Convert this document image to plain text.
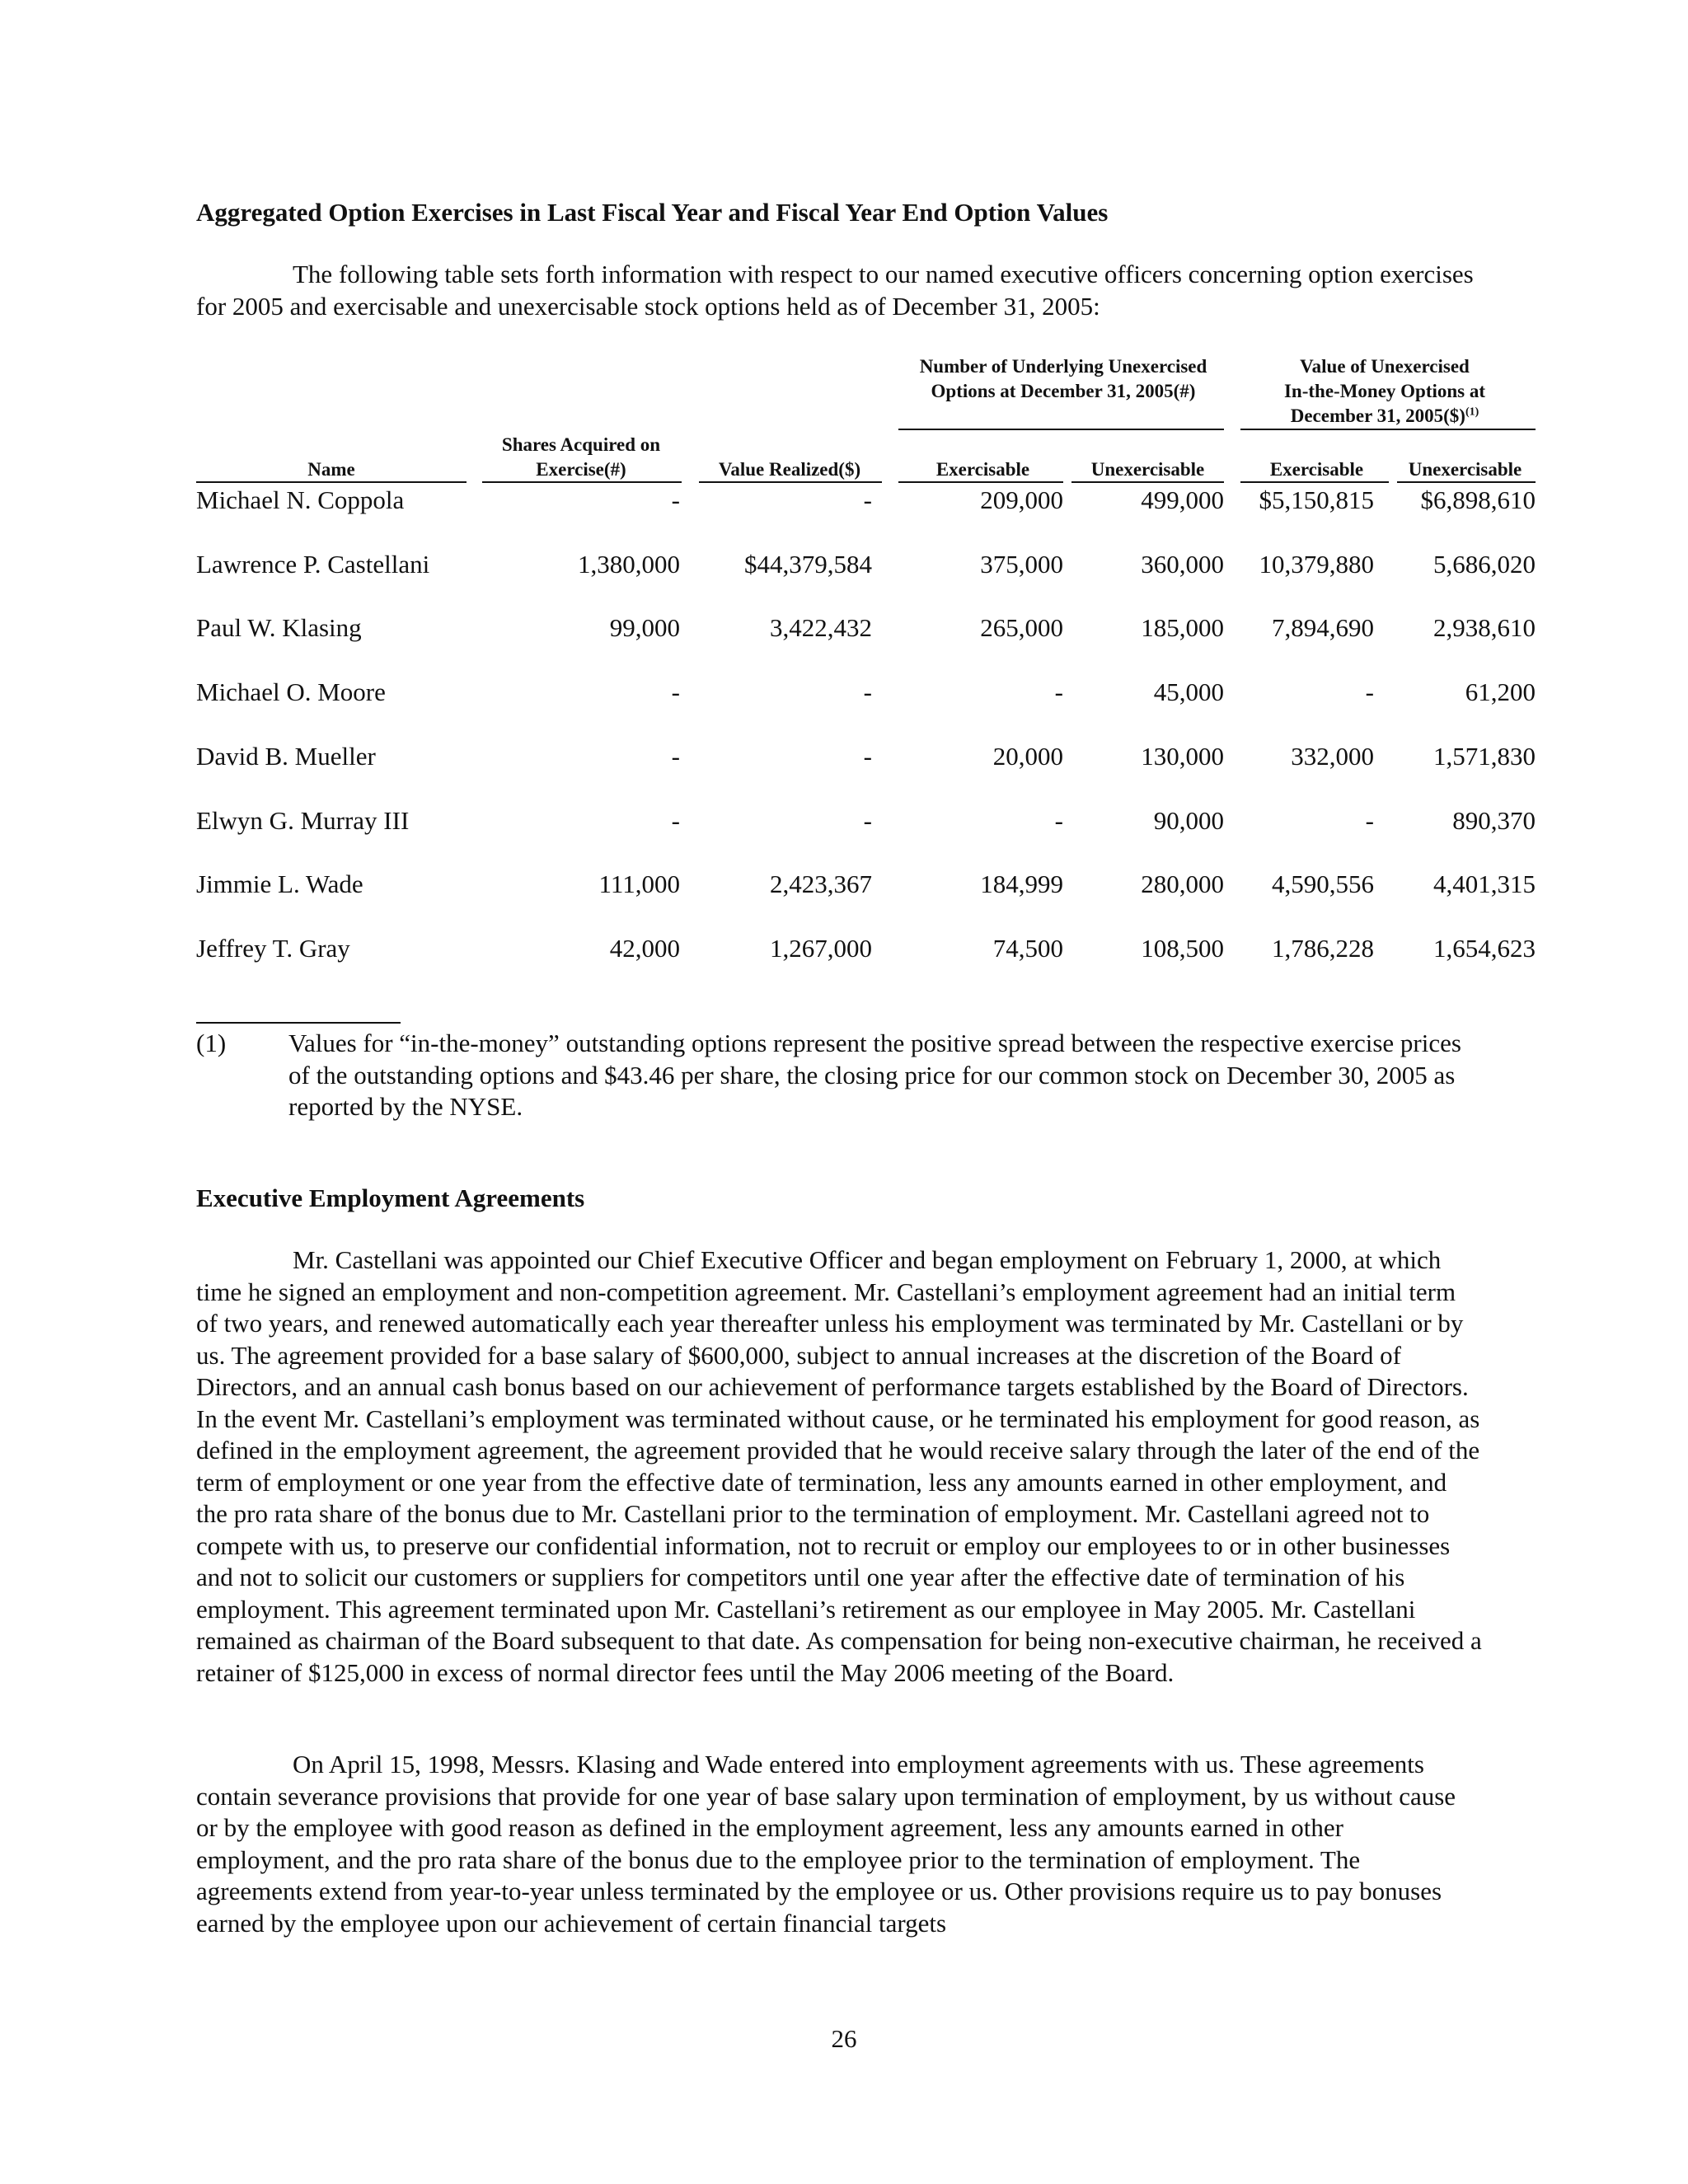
Aggregated Option Exercises in Last Fiscal Year and Fiscal Year End Option Values

The following table sets forth information with respect to our named executive officers concerning option exercises for 2005 and exercisable and unexercisable stock options held as of December 31, 2005:

Number of Underlying Unexercised Options at December 31, 2005(#)
Value of Unexercised
In-the-Money Options at
December 31, 2005($)$^{(1)}$
Name
Shares Acquired on
Exercise(#)	Value Realized($)	Exercisable	Unexercisable	Exercisable	Unexercisable
Michael N. Coppola	-	-	209,000	499,000	$5,150,815	$6,898,610
Lawrence P. Castellani	1,380,000	$44,379,584	375,000	360,000	10,379,880	5,686,020
Paul W. Klasing	99,000	3,422,432	265,000	185,000	7,894,690	2,938,610
Michael O. Moore	-	-	-	45,000	-	61,200
David B. Mueller	-	-	20,000	130,000	332,000	1,571,830
Elwyn G. Murray III	-	-	-	90,000	-	890,370
Jimmie L. Wade	111,000	2,423,367	184,999	280,000	4,590,556	4,401,315
Jeffrey T. Gray	42,000	1,267,000	74,500	108,500	1,786,228	1,654,623
(1) Values for “in-the-money” outstanding options represent the positive spread between the respective exercise prices of the outstanding options and $43.46 per share, the closing price for our common stock on December 30, 2005 as reported by the NYSE.

Executive Employment Agreements

Mr. Castellani was appointed our Chief Executive Officer and began employment on February 1, 2000, at which time he signed an employment and non-competition agreement. Mr. Castellani’s employment agreement had an initial term of two years, and renewed automatically each year thereafter unless his employment was terminated by Mr. Castellani or by us. The agreement provided for a base salary of $600,000, subject to annual increases at the discretion of the Board of Directors, and an annual cash bonus based on our achievement of performance targets established by the Board of Directors. In the event Mr. Castellani’s employment was terminated without cause, or he terminated his employment for good reason, as defined in the employment agreement, the agreement provided that he would receive salary through the later of the end of the term of employment or one year from the effective date of termination, less any amounts earned in other employment, and the pro rata share of the bonus due to Mr. Castellani prior to the termination of employment. Mr. Castellani agreed not to compete with us, to preserve our confidential information, not to recruit or employ our employees to or in other businesses and not to solicit our customers or suppliers for competitors until one year after the effective date of termination of his employment. This agreement terminated upon Mr. Castellani’s retirement as our employee in May 2005. Mr. Castellani remained as chairman of the Board subsequent to that date. As compensation for being non-executive chairman, he received a retainer of $125,000 in excess of normal director fees until the May 2006 meeting of the Board.

On April 15, 1998, Messrs. Klasing and Wade entered into employment agreements with us. These agreements contain severance provisions that provide for one year of base salary upon termination of employment, by us without cause or by the employee with good reason as defined in the employment agreement, less any amounts earned in other employment, and the pro rata share of the bonus due to the employee prior to the termination of employment. The agreements extend from year-to-year unless terminated by the employee or us. Other provisions require us to pay bonuses earned by the employee upon our achievement of certain financial targets

26
